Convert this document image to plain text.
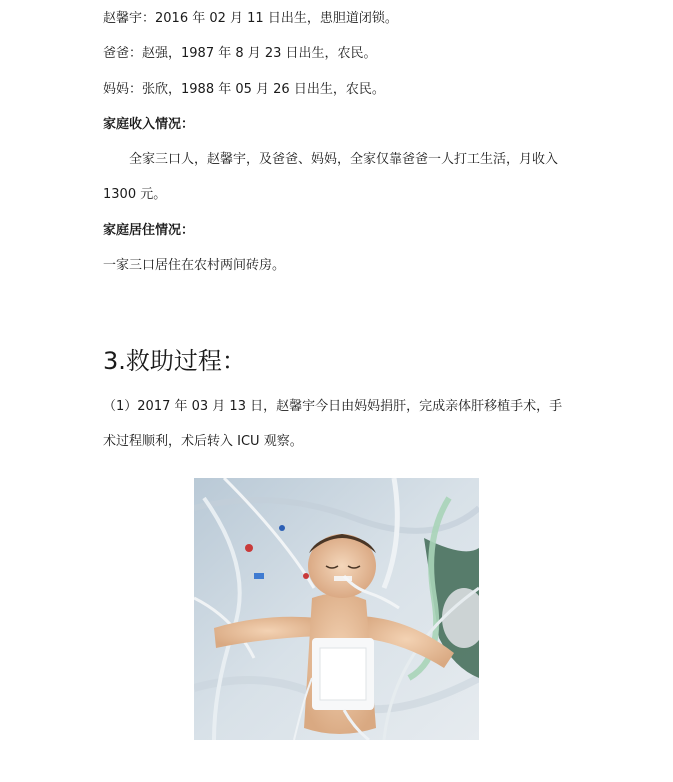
赵馨宇：2016 年 02 月 11 日出生，患胆道闭锁。

爸爸：赵强，1987 年 8 月 23 日出生，农民。

妈妈：张欣，1988 年 05 月 26 日出生，农民。

家庭收入情况：

全家三口人，赵馨宇，及爸爸、妈妈，全家仅靠爸爸一人打工生活，月收入

1300 元。

家庭居住情况：

一家三口居住在农村两间砖房。

3.救助过程：

（1）2017 年 03 月 13 日，赵馨宇今日由妈妈捐肝，完成亲体肝移植手术，手

术过程顺利，术后转入 ICU 观察。
